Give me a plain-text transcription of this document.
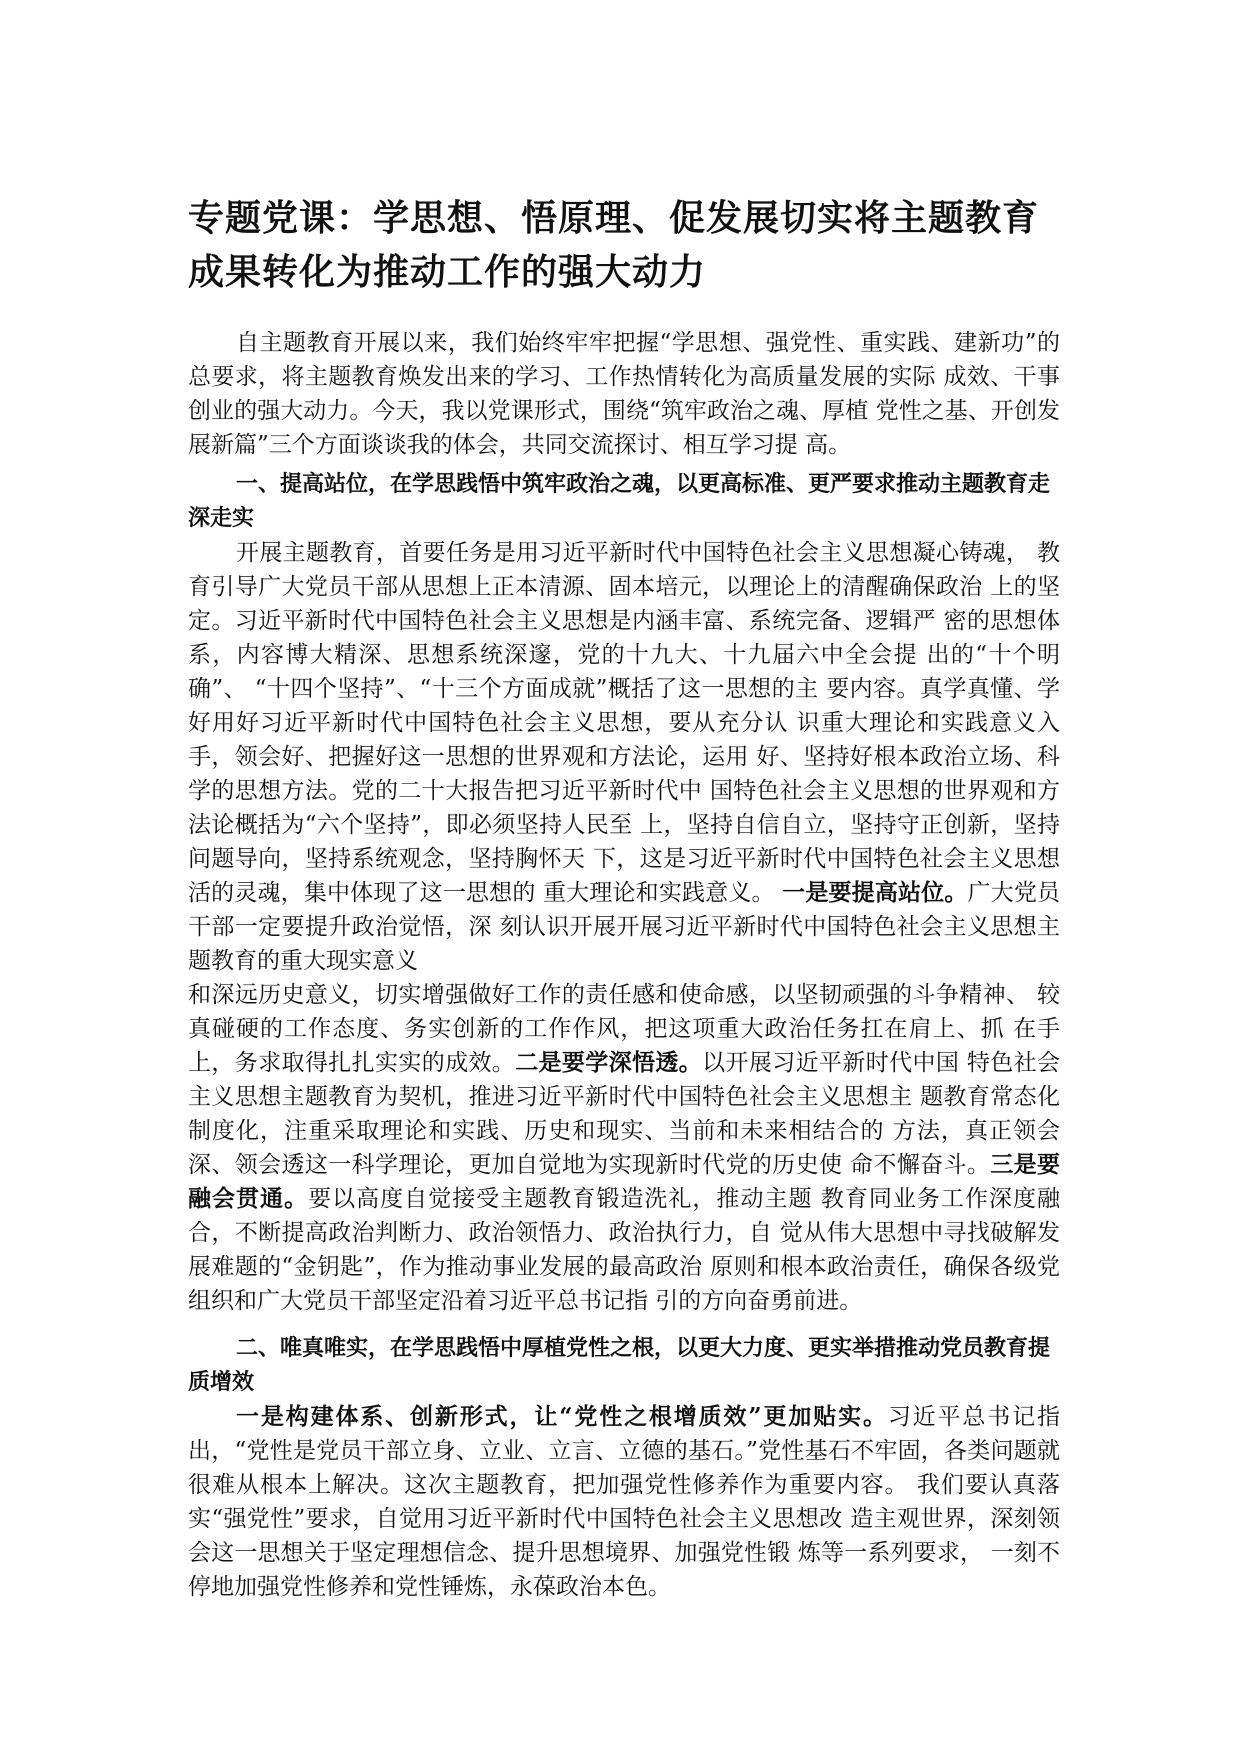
专题党课：学思想、悟原理、促发展切实将主题教育成果转化为推动工作的强大动力

自主题教育开展以来，我们始终牢牢把握“学思想、强党性、重实践、建新功”的总要求，将主题教育焕发出来的学习、工作热情转化为高质量发展的实际 成效、干事创业的强大动力。今天，我以党课形式，围绕“筑牢政治之魂、厚植 党性之基、开创发展新篇”三个方面谈谈我的体会，共同交流探讨、相互学习提 高。

一、提高站位，在学思践悟中筑牢政治之魂，以更高标准、更严要求推动主题教育走深走实

开展主题教育，首要任务是用习近平新时代中国特色社会主义思想凝心铸魂， 教育引导广大党员干部从思想上正本清源、固本培元，以理论上的清醒确保政治 上的坚定。习近平新时代中国特色社会主义思想是内涵丰富、系统完备、逻辑严 密的思想体系，内容博大精深、思想系统深邃，党的十九大、十九届六中全会提 出的“十个明确”、 “十四个坚持”、“十三个方面成就”概括了这一思想的主 要内容。真学真懂、学好用好习近平新时代中国特色社会主义思想，要从充分认 识重大理论和实践意义入手，领会好、把握好这一思想的世界观和方法论，运用 好、坚持好根本政治立场、科学的思想方法。党的二十大报告把习近平新时代中 国特色社会主义思想的世界观和方法论概括为“六个坚持”，即必须坚持人民至 上，坚持自信自立，坚持守正创新，坚持问题导向，坚持系统观念，坚持胸怀天 下，这是习近平新时代中国特色社会主义思想活的灵魂，集中体现了这一思想的 重大理论和实践意义。 一是要提高站位。广大党员干部一定要提升政治觉悟，深 刻认识开展开展习近平新时代中国特色社会主义思想主题教育的重大现实意义

和深远历史意义，切实增强做好工作的责任感和使命感，以坚韧顽强的斗争精神、 较真碰硬的工作态度、务实创新的工作作风，把这项重大政治任务扛在肩上、抓 在手上，务求取得扎扎实实的成效。二是要学深悟透。以开展习近平新时代中国 特色社会主义思想主题教育为契机，推进习近平新时代中国特色社会主义思想主 题教育常态化制度化，注重采取理论和实践、历史和现实、当前和未来相结合的 方法，真正领会深、领会透这一科学理论，更加自觉地为实现新时代党的历史使 命不懈奋斗。三是要融会贯通。要以高度自觉接受主题教育锻造洗礼，推动主题 教育同业务工作深度融合，不断提高政治判断力、政治领悟力、政治执行力，自 觉从伟大思想中寻找破解发展难题的“金钥匙”，作为推动事业发展的最高政治 原则和根本政治责任，确保各级党组织和广大党员干部坚定沿着习近平总书记指 引的方向奋勇前进。

二、唯真唯实，在学思践悟中厚植党性之根，以更大力度、更实举措推动党员教育提质增效

一是构建体系、创新形式，让“党性之根增质效”更加贴实。习近平总书记指出，“党性是党员干部立身、立业、立言、立德的基石。”党性基石不牢固，各类问题就很难从根本上解决。这次主题教育，把加强党性修养作为重要内容。 我们要认真落实“强党性”要求，自觉用习近平新时代中国特色社会主义思想改 造主观世界，深刻领会这一思想关于坚定理想信念、提升思想境界、加强党性锻 炼等一系列要求， 一刻不停地加强党性修养和党性锤炼，永葆政治本色。
